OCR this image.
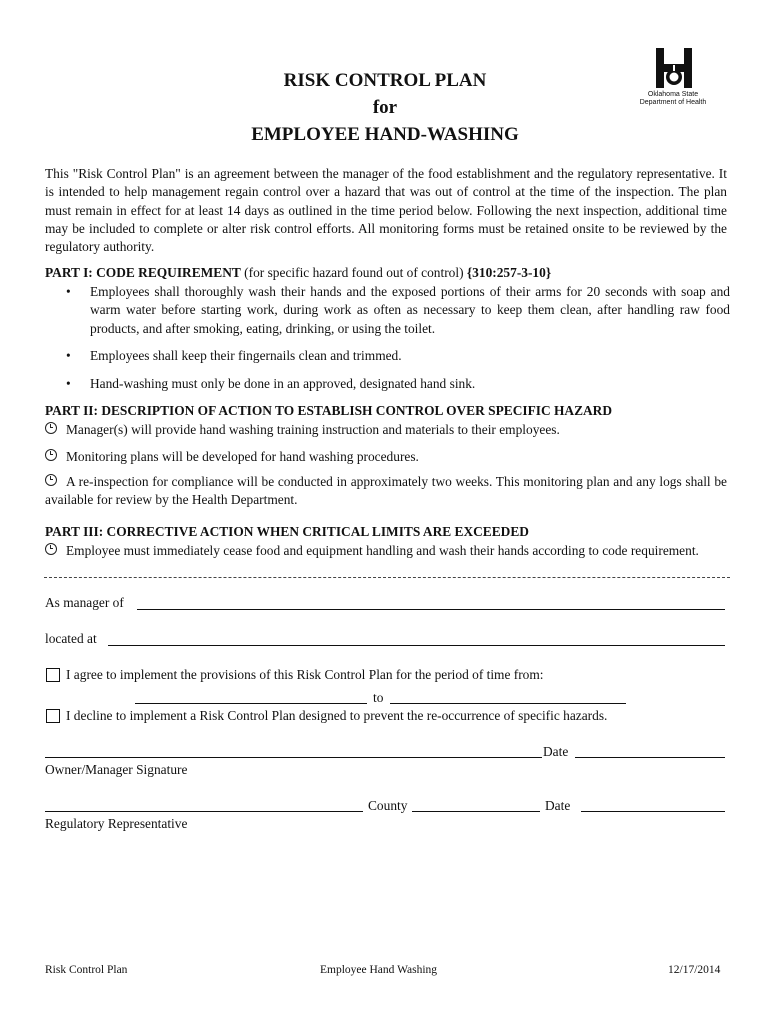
RISK CONTROL PLAN
for
EMPLOYEE HAND-WASHING
Oklahoma State
Department of Health
This "Risk Control Plan" is an agreement between the manager of the food establishment and the regulatory representative. It is intended to help management regain control over a hazard that was out of control at the time of the inspection. The plan must remain in effect for at least 14 days as outlined in the time period below. Following the next inspection, additional time may be included to complete or alter risk control efforts. All monitoring forms must be retained onsite to be reviewed by the regulatory authority.
PART I: CODE REQUIREMENT (for specific hazard found out of control) {310:257-3-10}
• Employees shall thoroughly wash their hands and the exposed portions of their arms for 20 seconds with soap and warm water before starting work, during work as often as necessary to keep them clean, after handling raw food products, and after smoking, eating, drinking, or using the toilet.
• Employees shall keep their fingernails clean and trimmed.
• Hand-washing must only be done in an approved, designated hand sink.
PART II: DESCRIPTION OF ACTION TO ESTABLISH CONTROL OVER SPECIFIC HAZARD
Manager(s) will provide hand washing training instruction and materials to their employees.
Monitoring plans will be developed for hand washing procedures.
A re-inspection for compliance will be conducted in approximately two weeks. This monitoring plan and any logs shall be available for review by the Health Department.
PART III: CORRECTIVE ACTION WHEN CRITICAL LIMITS ARE EXCEEDED
Employee must immediately cease food and equipment handling and wash their hands according to code requirement.
As manager of
located at
I agree to implement the provisions of this Risk Control Plan for the period of time from:
to
I decline to implement a Risk Control Plan designed to prevent the re-occurrence of specific hazards.
Date
Owner/Manager Signature
County	Date
Regulatory Representative
Risk Control Plan	Employee Hand Washing	12/17/2014
